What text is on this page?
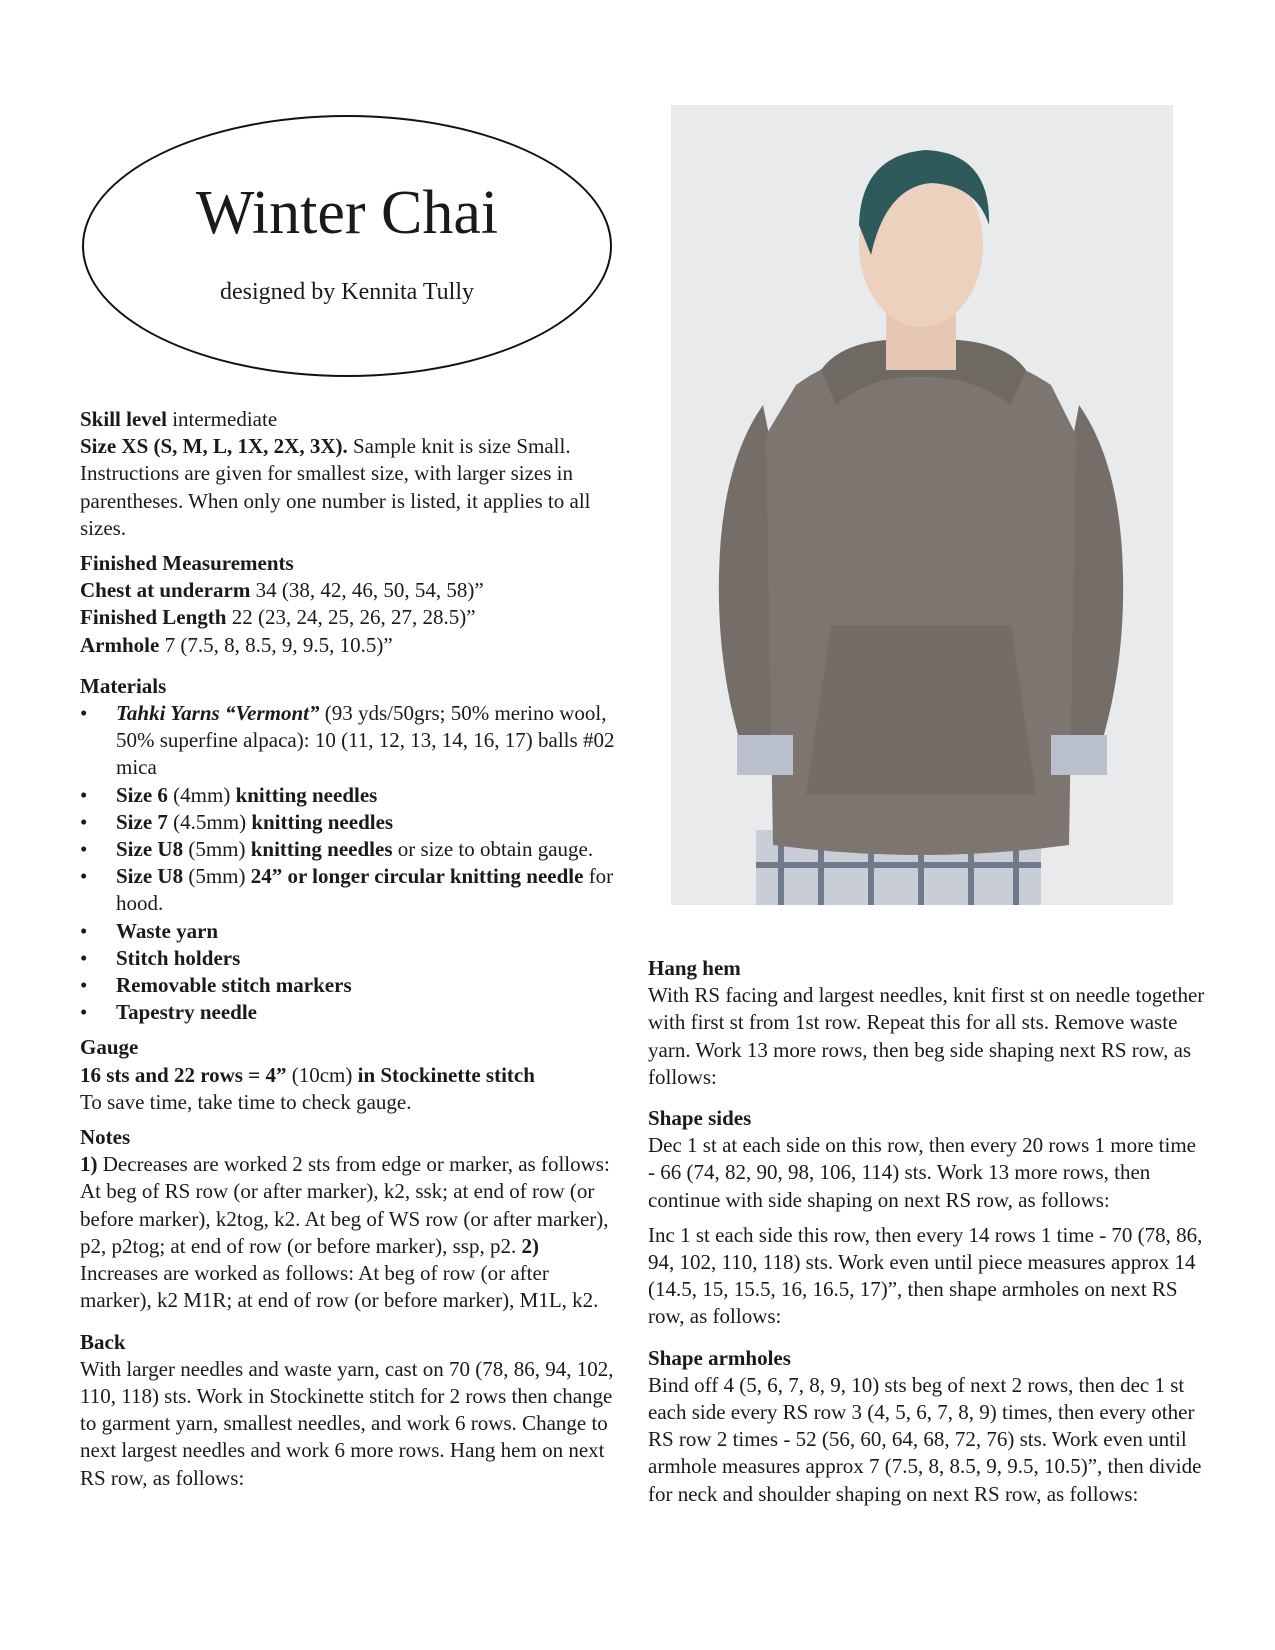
Winter Chai
designed by Kennita Tully

Skill level intermediate

Size XS (S, M, L, 1X, 2X, 3X). Sample knit is size Small. Instructions are given for smallest size, with larger sizes in parentheses. When only one number is listed, it applies to all sizes.

Finished Measurements

Chest at underarm 34 (38, 42, 46, 50, 54, 58)”

Finished Length 22 (23, 24, 25, 26, 27, 28.5)”

Armhole 7 (7.5, 8, 8.5, 9, 9.5, 10.5)”

Materials

• Tahki Yarns “Vermont” (93 yds/50grs; 50% merino wool, 50% superfine alpaca): 10 (11, 12, 13, 14, 16, 17) balls #02 mica
• Size 6 (4mm) knitting needles
• Size 7 (4.5mm) knitting needles
• Size U8 (5mm) knitting needles or size to obtain gauge.
• Size U8 (5mm) 24” or longer circular knitting needle for hood.
• Waste yarn
• Stitch holders
• Removable stitch markers
• Tapestry needle

Gauge

16 sts and 22 rows = 4” (10cm) in Stockinette stitch

To save time, take time to check gauge.

Notes

1) Decreases are worked 2 sts from edge or marker, as follows: At beg of RS row (or after marker), k2, ssk; at end of row (or before marker), k2tog, k2. At beg of WS row (or after marker), p2, p2tog; at end of row (or before marker), ssp, p2. 2) Increases are worked as follows: At beg of row (or after marker), k2 M1R; at end of row (or before marker), M1L, k2.

Back

With larger needles and waste yarn, cast on 70 (78, 86, 94, 102, 110, 118) sts. Work in Stockinette stitch for 2 rows then change to garment yarn, smallest needles, and work 6 rows. Change to next largest needles and work 6 more rows. Hang hem on next RS row, as follows:

Hang hem

With RS facing and largest needles, knit first st on needle together with first st from 1st row. Repeat this for all sts. Remove waste yarn. Work 13 more rows, then beg side shaping next RS row, as follows:

Shape sides

Dec 1 st at each side on this row, then every 20 rows 1 more time - 66 (74, 82, 90, 98, 106, 114) sts. Work 13 more rows, then continue with side shaping on next RS row, as follows:

Inc 1 st each side this row, then every 14 rows 1 time - 70 (78, 86, 94, 102, 110, 118) sts. Work even until piece measures approx 14 (14.5, 15, 15.5, 16, 16.5, 17)”, then shape armholes on next RS row, as follows:

Shape armholes

Bind off 4 (5, 6, 7, 8, 9, 10) sts beg of next 2 rows, then dec 1 st each side every RS row 3 (4, 5, 6, 7, 8, 9) times, then every other RS row 2 times - 52 (56, 60, 64, 68, 72, 76) sts. Work even until armhole measures approx 7 (7.5, 8, 8.5, 9, 9.5, 10.5)”, then divide for neck and shoulder shaping on next RS row, as follows:
